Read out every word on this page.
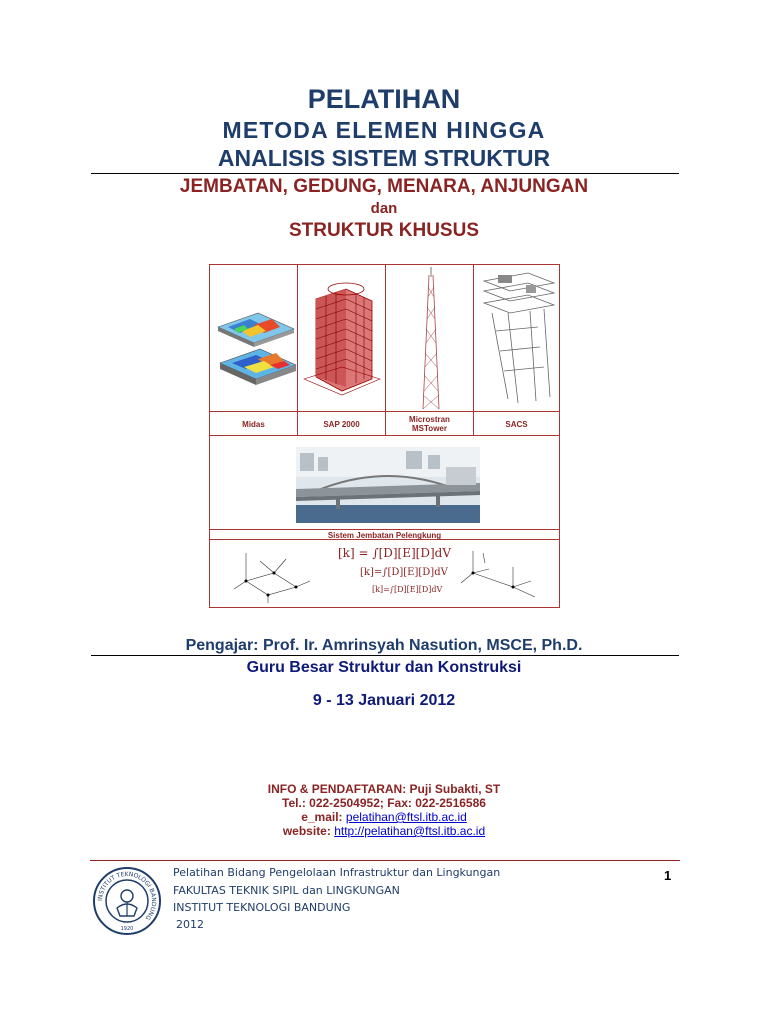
PELATIHAN
METODA ELEMEN HINGGA
ANALISIS SISTEM STRUKTUR
JEMBATAN, GEDUNG, MENARA, ANJUNGAN
dan
STRUKTUR KHUSUS
Midas	SAP 2000
Microstran
MSTower	SACS
Sistem Jembatan Pelengkung
[k] = ∫[D][E][D]dV
[k]=∫[D][E][D]dV
[k]=∫[D][E][D]dV
Pengajar: Prof. Ir. Amrinsyah Nasution, MSCE, Ph.D.
Guru Besar Struktur dan Konstruksi
9 - 13 Januari 2012
INFO & PENDAFTARAN: Puji Subakti, ST
Tel.: 022-2504952; Fax: 022-2516586
e_mail: pelatihan@ftsl.itb.ac.id
website: http://pelatihan@ftsl.itb.ac.id
INSTITUT TEKNOLOGI BANDUNG
1920
Pelatihan Bidang Pengelolaan Infrastruktur dan Lingkungan
FAKULTAS TEKNIK SIPIL dan LINGKUNGAN
INSTITUT TEKNOLOGI BANDUNG
2012
1
